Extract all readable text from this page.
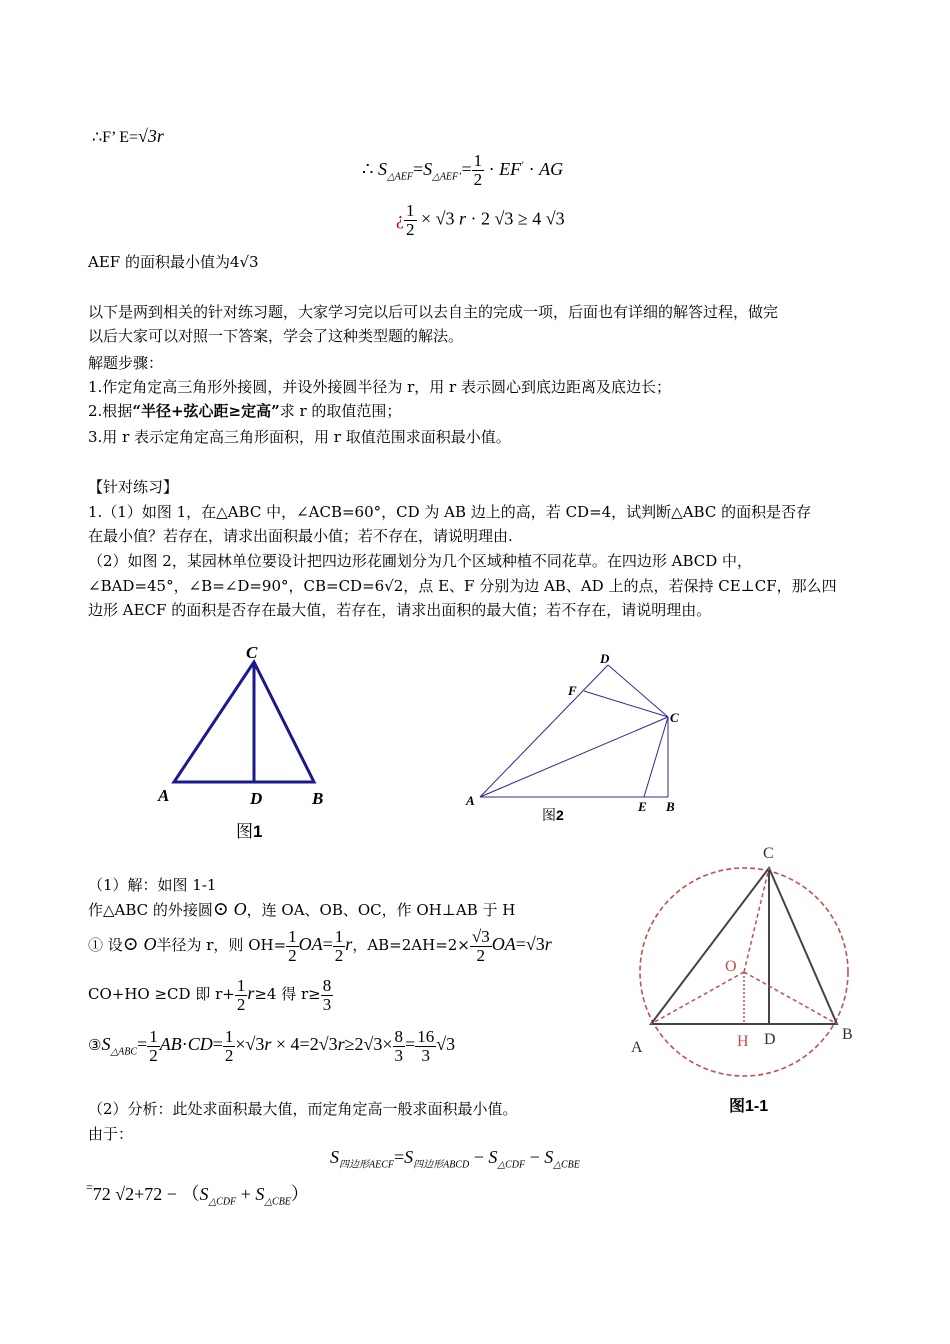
∴F’ E=√3r
∴ $S_{\triangle AEF}=S_{\triangle AEF’}= \frac{1}{2} \cdot EF^’$ · AG
¿ $\frac{1}{2} \times √3$ r · 2 √3 ≥ 4 √3
AEF 的面积最小值为4√3
以下是两到相关的针对练习题，大家学习完以后可以去自主的完成一项，后面也有详细的解答过程，做完
以后大家可以对照一下答案，学会了这种类型题的解法。
解题步骤：
1.作定角定高三角形外接圆，并设外接圆半径为 r，用 r 表示圆心到底边距离及底边长；
2.根据“半径+弦心距≥定高”求 r 的取值范围；
3.用 r 表示定角定高三角形面积，用 r 取值范围求面积最小值。
【针对练习】
1.（1）如图 1，在△ABC 中，∠ACB=60°，CD 为 AB 边上的高，若 CD=4，试判断△ABC 的面积是否存
在最小值？若存在，请求出面积最小值；若不存在，请说明理由.
（2）如图 2，某园林单位要设计把四边形花圃划分为几个区域种植不同花草。在四边形 ABCD 中，
∠BAD=45°，∠B=∠D=90°，CB=CD=6√2，点 E、F 分别为边 AB、AD 上的点，若保持 CE⊥CF，那么四
边形 AECF 的面积是否存在最大值，若存在，请求出面积的最大值；若不存在，请说明理由。
C
A	D	B
图1
D
F
C
A	E B
图2
（1）解：如图 1-1
作△ABC 的外接圆⊙ O，连 OA、OB、OC，作 OH⊥AB 于 H
① 设⊙ O半径为 r，则 $OH= \frac{1}{2} OA= \frac{1}{2}$ r，$AB=2AH=2\times \frac{√3}{2} OA=√3r$
CO+HO ≥CD 即 $r+ \frac{1}{2} r\ge 4$ 得 $r\ge \frac{8}{3}$
$③S_{\triangle ABC}= \frac{1}{2} AB\cdot CD= \frac{1}{2} \times√3r \times 4=2√3r\ge 2√3\times \frac{8}{3} = \frac{16}{3} √3$
C
O
A	H D	B
图1-1
（2）分析：此处求面积最大值，而定角定高一般求面积最小值。
由于：
$S_{四边形AECF}=S_{四边形ABCD} - S_{\triangle CDF} - S_{\triangle CBE}$
=72 $√2+72 - (S_{\triangle CDF} + S_{\triangle CBE})$
